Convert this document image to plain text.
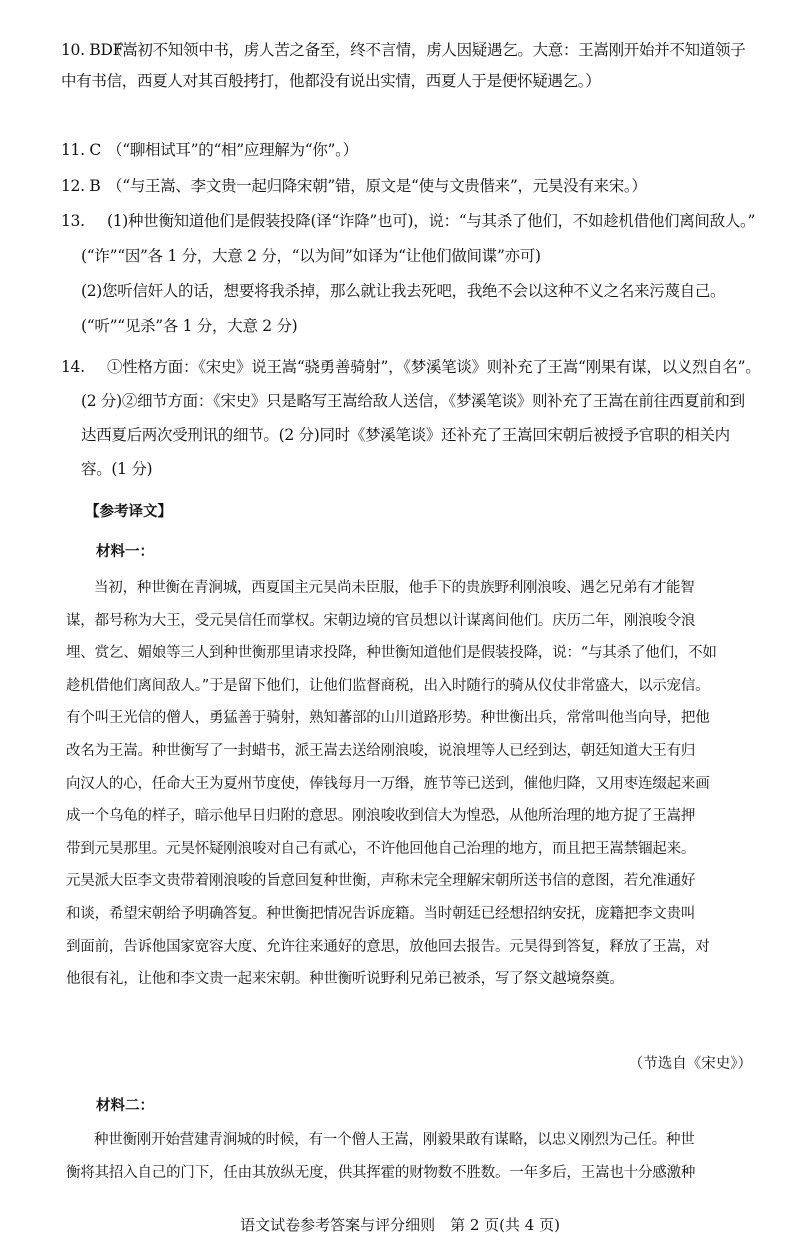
10. BDF（嵩初不知领中书，虏人苦之备至，终不言情，虏人因疑遇乞。大意：王嵩刚开始并不知道领子

中有书信，西夏人对其百般拷打，他都没有说出实情，西夏人于是便怀疑遇乞。）

11. C （“聊相试耳”的“相”应理解为“你”。）

12. B （“与王嵩、李文贵一起归降宋朝”错，原文是“使与文贵偕来”，元昊没有来宋。）

13. (1)种世衡知道他们是假装投降(译“诈降”也可)，说：“与其杀了他们，不如趁机借他们离间敌人。”

(“诈”“因”各 1 分，大意 2 分，“以为间”如译为“让他们做间谍”亦可)

(2)您听信奸人的话，想要将我杀掉，那么就让我去死吧，我绝不会以这种不义之名来污蔑自己。

(“听”“见杀”各 1 分，大意 2 分)

14. ①性格方面：《宋史》说王嵩“骁勇善骑射”，《梦溪笔谈》则补充了王嵩“刚果有谋，以义烈自名”。

(2 分)②细节方面：《宋史》只是略写王嵩给敌人送信，《梦溪笔谈》则补充了王嵩在前往西夏前和到

达西夏后两次受刑讯的细节。(2 分)同时《梦溪笔谈》还补充了王嵩回宋朝后被授予官职的相关内

容。(1 分)

【参考译文】
材料一：

当初，种世衡在青涧城，西夏国主元昊尚未臣服，他手下的贵族野利刚浪唆、遇乞兄弟有才能智

谋，都号称为大王，受元昊信任而掌权。宋朝边境的官员想以计谋离间他们。庆历二年，刚浪唆令浪

埋、赏乞、媚娘等三人到种世衡那里请求投降，种世衡知道他们是假装投降，说：“与其杀了他们，不如

趁机借他们离间敌人。”于是留下他们，让他们监督商税，出入时随行的骑从仪仗非常盛大，以示宠信。

有个叫王光信的僧人，勇猛善于骑射，熟知蕃部的山川道路形势。种世衡出兵，常常叫他当向导，把他

改名为王嵩。种世衡写了一封蜡书，派王嵩去送给刚浪唆，说浪埋等人已经到达，朝廷知道大王有归

向汉人的心，任命大王为夏州节度使，俸钱每月一万缗，旌节等已送到，催他归降，又用枣连缀起来画

成一个乌龟的样子，暗示他早日归附的意思。刚浪唆收到信大为惶恐，从他所治理的地方捉了王嵩押

带到元昊那里。元昊怀疑刚浪唆对自己有贰心，不许他回他自己治理的地方，而且把王嵩禁锢起来。

元昊派大臣李文贵带着刚浪唆的旨意回复种世衡，声称未完全理解宋朝所送书信的意图，若允准通好

和谈，希望宋朝给予明确答复。种世衡把情况告诉庞籍。当时朝廷已经想招纳安抚，庞籍把李文贵叫

到面前，告诉他国家宽容大度、允许往来通好的意思，放他回去报告。元昊得到答复，释放了王嵩，对

他很有礼，让他和李文贵一起来宋朝。种世衡听说野利兄弟已被杀，写了祭文越境祭奠。

（节选自《宋史》）
材料二：

种世衡刚开始营建青涧城的时候，有一个僧人王嵩，刚毅果敢有谋略，以忠义刚烈为己任。种世

衡将其招入自己的门下，任由其放纵无度，供其挥霍的财物数不胜数。一年多后，王嵩也十分感激种

语文试卷参考答案与评分细则　第 2 页(共 4 页)
